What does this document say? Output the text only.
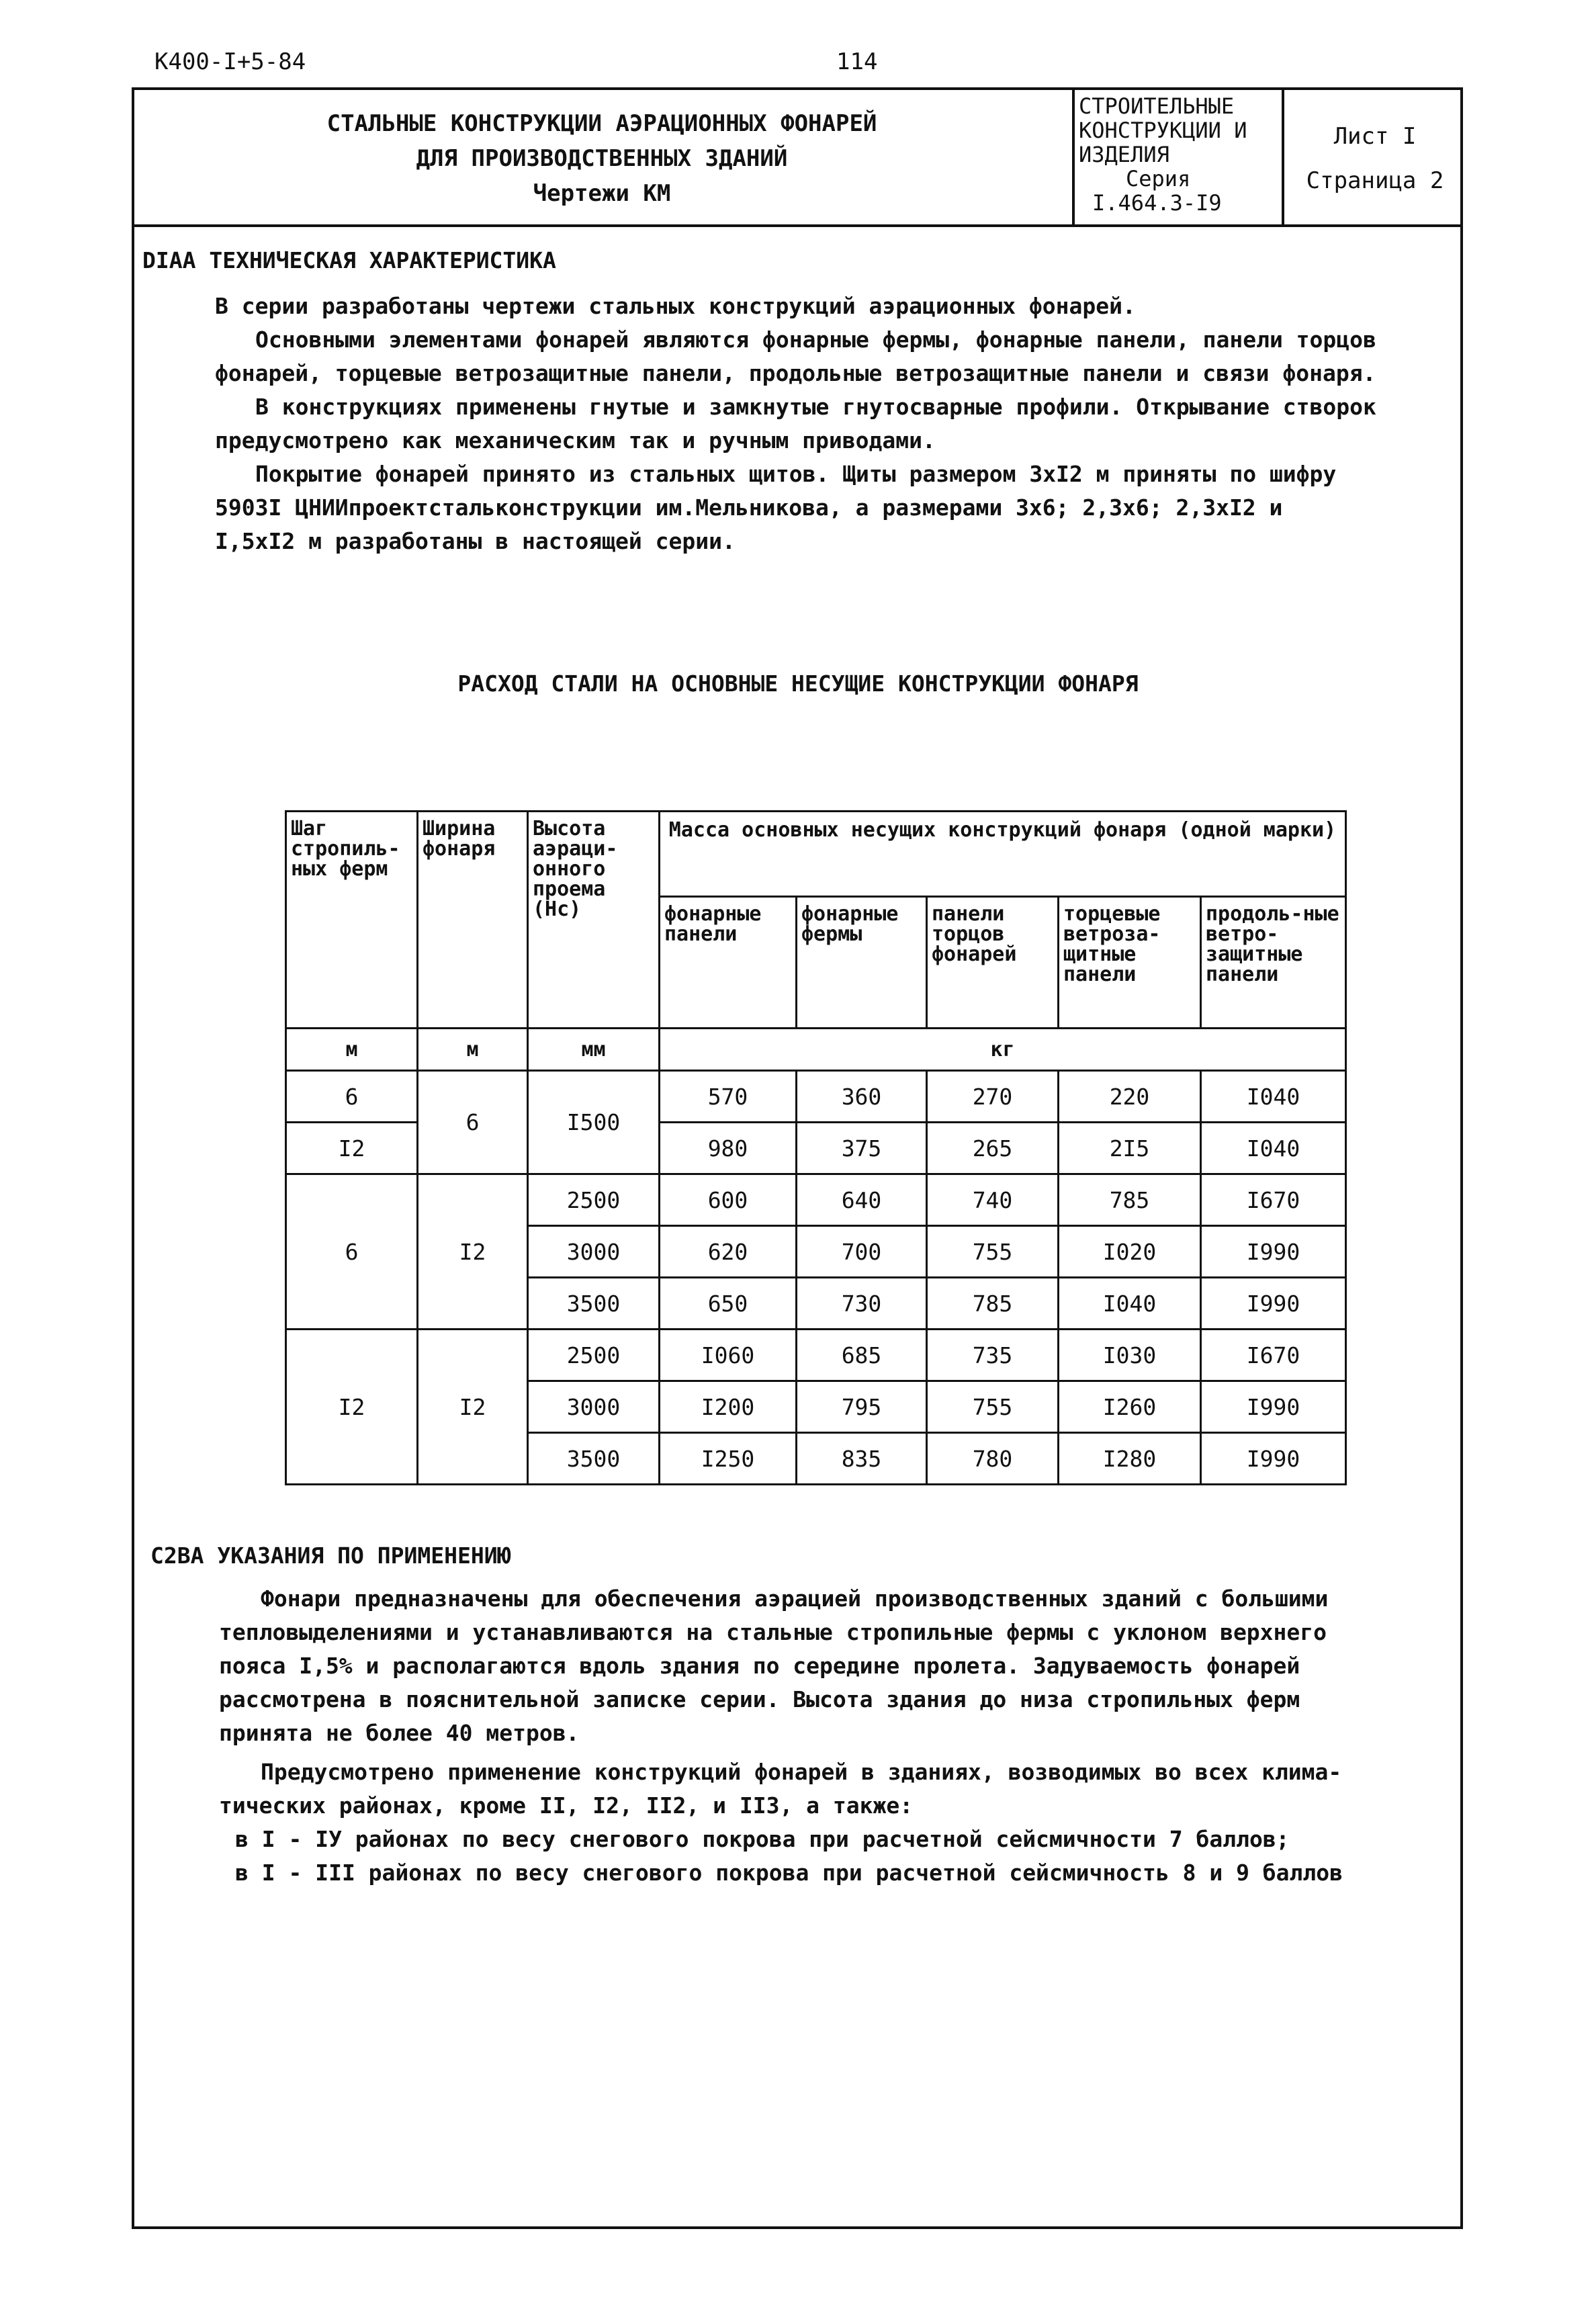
К400-I+5-84	114
СТАЛЬНЫЕ КОНСТРУКЦИИ АЭРАЦИОННЫХ ФОНАРЕЙ
ДЛЯ ПРОИЗВОДСТВЕННЫХ ЗДАНИЙ
Чертежи КМ
СТРОИТЕЛЬНЫЕ
КОНСТРУКЦИИ И
ИЗДЕЛИЯ
Серия
I.464.3-I9
Лист I
Страница 2
DIAA ТЕХНИЧЕСКАЯ ХАРАКТЕРИСТИКА
В серии разработаны чертежи стальных конструкций аэрационных фонарей.
Основными элементами фонарей являются фонарные фермы, фонарные панели, панели торцов
фонарей, торцевые ветрозащитные панели, продольные ветрозащитные панели и связи фонаря.
В конструкциях применены гнутые и замкнутые гнутосварные профили. Открывание створок
предусмотрено как механическим так и ручным приводами.
Покрытие фонарей принято из стальных щитов. Щиты размером 3хI2 м приняты по шифру
5903I ЦНИИпроектстальконструкции им.Мельникова, а размерами 3х6; 2,3х6; 2,3хI2 и
I,5хI2 м разработаны в настоящей серии.
РАСХОД СТАЛИ НА ОСНОВНЫЕ НЕСУЩИЕ КОНСТРУКЦИИ ФОНАРЯ
Шаг стропиль-ных ферм	Ширина фонаря	Высота аэраци-онного проема (Hc)	Масса основных несущих конструкций фонаря (одной марки)				
			фонарные панели	фонарные фермы	панели торцов фонарей	торцевые ветроза-щитные панели	продоль-ные ветро-защитные панели
м	м	мм	кг				
6	6	I500	570	360	270	220	I040
I2			980	375	265	2I5	I040
6	I2	2500	600	640	740	785	I670
		3000	620	700	755	I020	I990
		3500	650	730	785	I040	I990
I2	I2	2500	I060	685	735	I030	I670
		3000	I200	795	755	I260	I990
		3500	I250	835	780	I280	I990
C2BA УКАЗАНИЯ ПО ПРИМЕНЕНИЮ
Фонари предназначены для обеспечения аэрацией производственных зданий с большими
тепловыделениями и устанавливаются на стальные стропильные фермы с уклоном верхнего
пояса I,5% и располагаются вдоль здания по середине пролета. Задуваемость фонарей
рассмотрена в пояснительной записке серии. Высота здания до низа стропильных ферм
принята не более 40 метров.
Предусмотрено применение конструкций фонарей в зданиях, возводимых во всех клима-
тических районах, кроме II, I2, II2, и II3, а также:
в I - IУ районах по весу снегового покрова при расчетной сейсмичности 7 баллов;
в I - III районах по весу снегового покрова при расчетной сейсмичность 8 и 9 баллов
